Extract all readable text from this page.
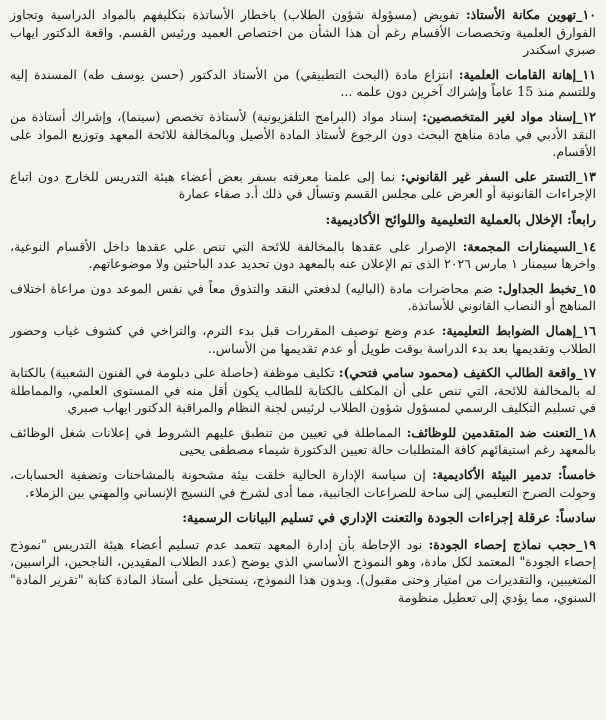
١٠_تهوين مكانة الأستاذ: تفويض (مسؤولة شؤون الطلاب) باخطار الأساتذة بتكليفهم بالمواد الدراسية وتجاوز الفوارق العلمية وتخصصات الأقسام رغم أن هذا الشأن من اختصاص العميد ورئيس القسم. واقعة الدكتور ايهاب صبري اسكندر
١١_إهانة القامات العلمية: انتزاع مادة (البحث التطبيقي) من الأستاذ الدكتور (حسن يوسف طه) المسندة إليه وللتسم منذ 15 عاماً وإشراك آخرين دون علمه ...
١٢_إسناد مواد لغير المتخصصين: إسناد مواد (البرامج التلفزيونية) لأستاذة تخصص (سينما)، وإشراك أستاذة من النقد الأدبي في مادة مناهج البحث دون الرجوع لأستاذ المادة الأصيل وبالمخالفة للائحة المعهد وتوزيع المواد على الأقسام.
١٣_التستر على السفر غير القانوني: نما إلى علمنا معرفته بسفر بعض أعضاء هيئة التدريس للخارج دون اتباع الإجراءات القانونية أو العرض على مجلس القسم وتسأل في ذلك أ.د صفاء عمارة
رابعاً: الإخلال بالعملية التعليمية واللوائح الأكاديمية:
١٤_السيمنارات المجمعة: الإصرار على عقدها بالمخالفة للائحة التي تنص على عقدها داخل الأقسام النوعية، واخرها سيمنار ١ مارس ٢٠٢٦ الذى تم الإعلان عنه بالمعهد دون تحديد عدد الباحثين ولا موضوعاتهم.
١٥_تخبط الجداول: ضم محاضرات مادة (الباليه) لدفعتي النقد والتذوق معاً في نفس الموعد دون مراعاة اختلاف المناهج أو النصاب القانوني للأساتذة.
١٦_إهمال الضوابط التعليمية: عدم وضع توصيف المقررات قبل بدء الترم، والتراخي في كشوف غياب وحضور الطلاب وتقديمها بعد بدء الدراسة بوقت طويل أو عدم تقديمها من الأساس..
١٧_واقعة الطالب الكفيف (محمود سامي فتحي): تكليف موظفة (حاصلة على دبلومة في الفنون الشعبية) بالكتابة له بالمخالفة للائحة، التي تنص على أن المكلف بالكتابة للطالب يكون أقل منه في المستوى العلمي، والمماطلة في تسليم التكليف الرسمي لمسؤول شؤون الطلاب لرئيس لجنة النظام والمراقبة الدكتور ايهاب صبري
١٨_التعنت ضد المتقدمين للوظائف: المماطلة في تعيين من تنطبق عليهم الشروط في إعلانات شغل الوظائف بالمعهد رغم استيفائهم كافة المتطلبات حالة تعيين الدكتورة شيماء مصطفى يحيى
خامساً: تدمير البيئة الأكاديمية: إن سياسة الإدارة الحالية خلقت بيئة مشحونة بالمشاحنات وتصفية الحسابات، وحولت الصرح التعليمي إلى ساحة للصراعات الجانبية، مما أدى لشرخ في النسيج الإنساني والمهني بين الزملاء.
سادساً: عرقلة إجراءات الجودة والتعنت الإداري في تسليم البيانات الرسمية:
١٩_حجب نماذج إحصاء الجودة: نود الإحاطة بأن إدارة المعهد تتعمد عدم تسليم أعضاء هيئة التدريس "نموذج إحصاء الجودة" المعتمد لكل مادة، وهو النموذج الأساسي الذي يوضح (عدد الطلاب المقيدين، الناجحين، الراسبين، المتغيبين، والتقديرات من امتياز وحتى مقبول). وبدون هذا النموذج، يستحيل على أستاذ المادة كتابة "تقرير المادة" السنوي، مما يؤدي إلى تعطيل منظومة
